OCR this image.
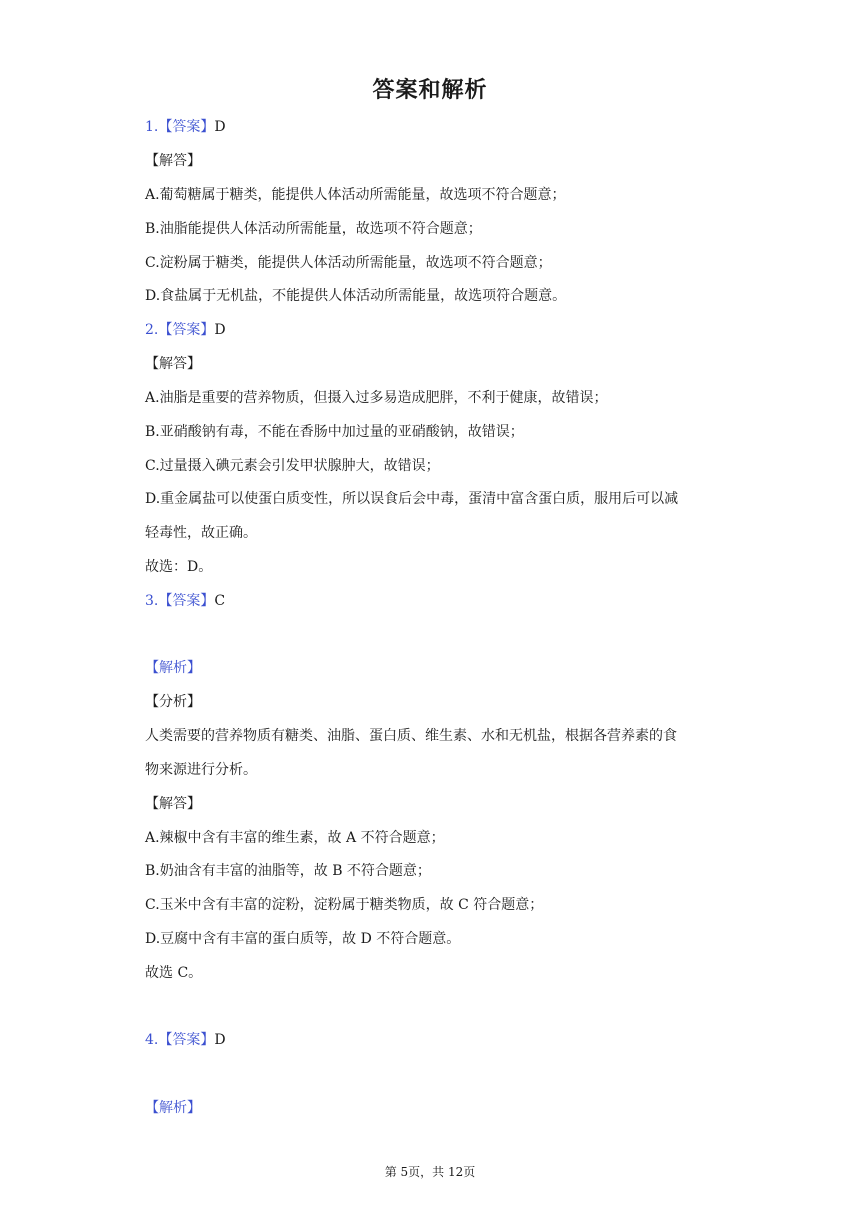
答案和解析
1.【答案】D
【解答】
A.葡萄糖属于糖类，能提供人体活动所需能量，故选项不符合题意；
B.油脂能提供人体活动所需能量，故选项不符合题意；
C.淀粉属于糖类，能提供人体活动所需能量，故选项不符合题意；
D.食盐属于无机盐，不能提供人体活动所需能量，故选项符合题意。
2.【答案】D
【解答】
A.油脂是重要的营养物质，但摄入过多易造成肥胖，不利于健康，故错误；
B.亚硝酸钠有毒，不能在香肠中加过量的亚硝酸钠，故错误；
C.过量摄入碘元素会引发甲状腺肿大，故错误；
D.重金属盐可以使蛋白质变性，所以误食后会中毒，蛋清中富含蛋白质，服用后可以减
轻毒性，故正确。
故选：D。
3.【答案】C
【解析】
【分析】
人类需要的营养物质有糖类、油脂、蛋白质、维生素、水和无机盐，根据各营养素的食
物来源进行分析。
【解答】
A.辣椒中含有丰富的维生素，故 A 不符合题意；
B.奶油含有丰富的油脂等，故 B 不符合题意；
C.玉米中含有丰富的淀粉，淀粉属于糖类物质，故 C 符合题意；
D.豆腐中含有丰富的蛋白质等，故 D 不符合题意。
故选 C。
4.【答案】D
【解析】
第 5页，共 12页
